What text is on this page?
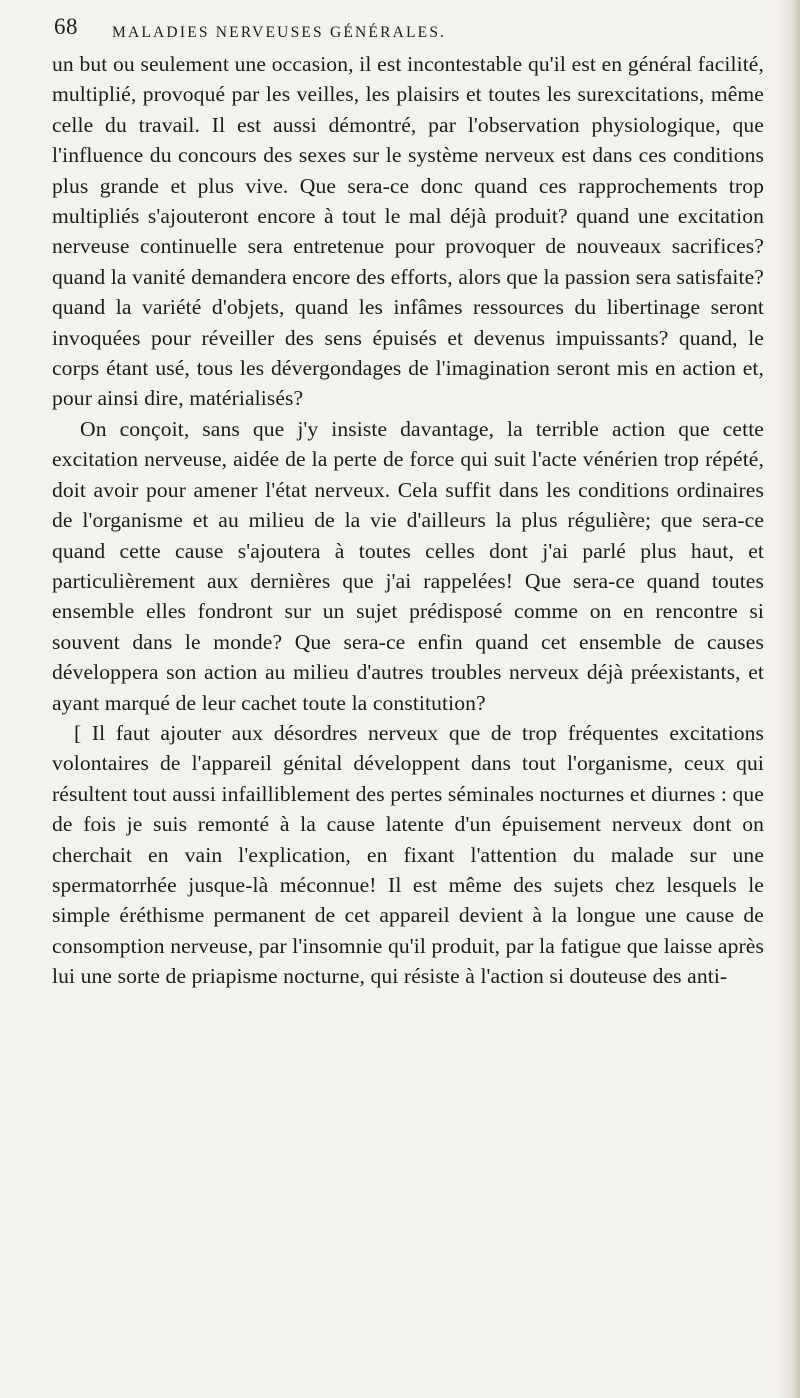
68 MALADIES NERVEUSES GÉNÉRALES.

un but ou seulement une occasion, il est incontestable qu'il est en général facilité, multiplié, provoqué par les veilles, les plaisirs et toutes les surexcitations, même celle du travail. Il est aussi démontré, par l'observation physiologique, que l'influence du concours des sexes sur le système nerveux est dans ces conditions plus grande et plus vive. Que sera-ce donc quand ces rapprochements trop multipliés s'ajouteront encore à tout le mal déjà produit? quand une excitation nerveuse continuelle sera entretenue pour provoquer de nouveaux sacrifices? quand la vanité demandera encore des efforts, alors que la passion sera satisfaite? quand la variété d'objets, quand les infâmes ressources du libertinage seront invoquées pour réveiller des sens épuisés et devenus impuissants? quand, le corps étant usé, tous les dévergondages de l'imagination seront mis en action et, pour ainsi dire, matérialisés?

On conçoit, sans que j'y insiste davantage, la terrible action que cette excitation nerveuse, aidée de la perte de force qui suit l'acte vénérien trop répété, doit avoir pour amener l'état nerveux. Cela suffit dans les conditions ordinaires de l'organisme et au milieu de la vie d'ailleurs la plus régulière; que sera-ce quand cette cause s'ajoutera à toutes celles dont j'ai parlé plus haut, et particulièrement aux dernières que j'ai rappelées! Que sera-ce quand toutes ensemble elles fondront sur un sujet prédisposé comme on en rencontre si souvent dans le monde? Que sera-ce enfin quand cet ensemble de causes développera son action au milieu d'autres troubles nerveux déjà préexistants, et ayant marqué de leur cachet toute la constitution?

[ Il faut ajouter aux désordres nerveux que de trop fréquentes excitations volontaires de l'appareil génital développent dans tout l'organisme, ceux qui résultent tout aussi infailliblement des pertes séminales nocturnes et diurnes : que de fois je suis remonté à la cause latente d'un épuisement nerveux dont on cherchait en vain l'explication, en fixant l'attention du malade sur une spermatorrhée jusque-là méconnue! Il est même des sujets chez lesquels le simple éréthisme permanent de cet appareil devient à la longue une cause de consomption nerveuse, par l'insomnie qu'il produit, par la fatigue que laisse après lui une sorte de priapisme nocturne, qui résiste à l'action si douteuse des anti-
